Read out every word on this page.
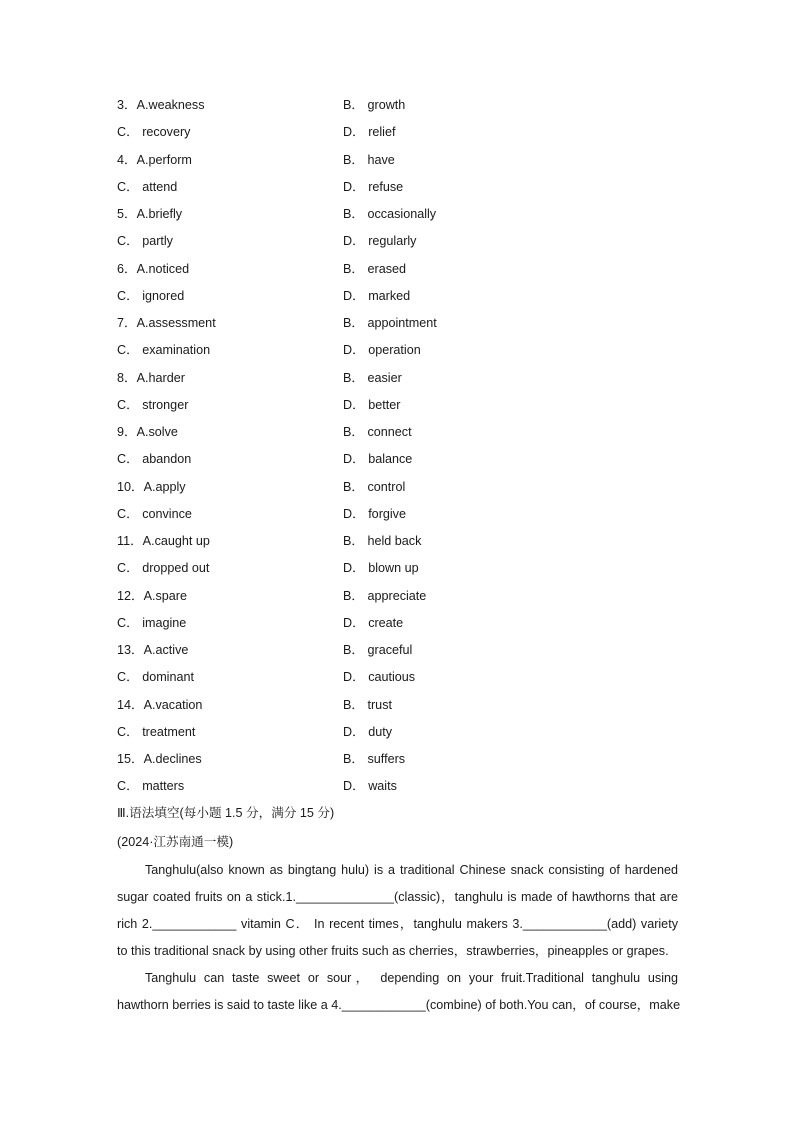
3．A.weakness	B． growth
C． recovery	D． relief
4．A.perform	B． have
C． attend	D． refuse
5．A.briefly	B． occasionally
C． partly	D． regularly
6．A.noticed	B． erased
C． ignored	D． marked
7．A.assessment	B． appointment
C． examination	D． operation
8．A.harder	B． easier
C． stronger	D． better
9．A.solve	B． connect
C． abandon	D． balance
10．A.apply	B． control
C． convince	D． forgive
11．A.caught up	B． held back
C． dropped out	D． blown up
12．A.spare	B． appreciate
C． imagine	D． create
13．A.active	B． graceful
C． dominant	D． cautious
14．A.vacation	B． trust
C． treatment	D． duty
15．A.declines	B． suffers
C． matters	D． waits
Ⅲ.语法填空(每小题 1.5 分，满分 15 分)
(2024·江苏南通一模)

Tanghulu(also known as bingtang hulu) is a traditional Chinese snack consisting of hardened
sugar coated fruits on a stick.1.______________(classic)，tanghulu is made of hawthorns that are
rich 2.____________ vitamin C． In recent times，tanghulu makers 3.____________(add) variety
to this traditional snack by using other fruits such as cherries，strawberries，pineapples or grapes.

Tanghulu can taste sweet or sour， depending on your fruit.Traditional tanghulu using
hawthorn berries is said to taste like a 4.____________(combine) of both.You can，of course，make
